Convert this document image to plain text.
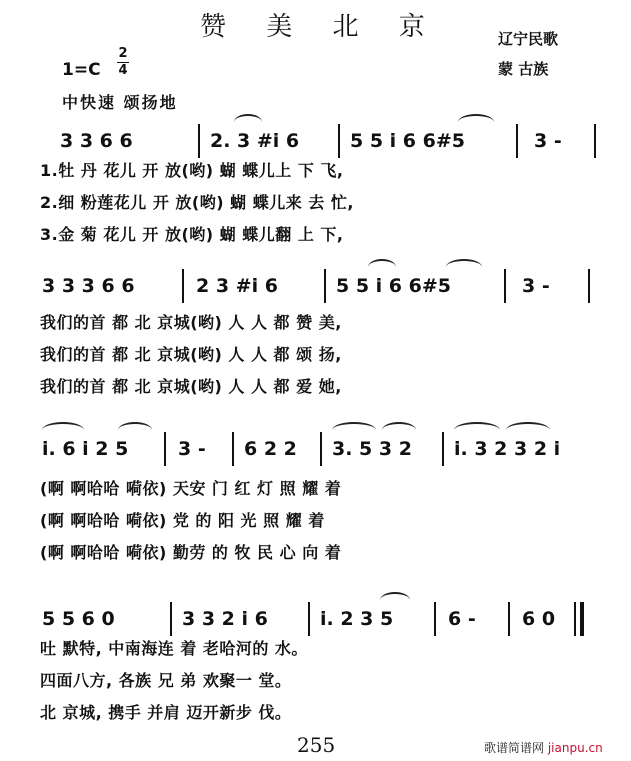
赞 美 北 京	辽宁民歌
蒙 古族
1=C
2
4
中快速 颂扬地
3 3 6 6	2. 3 #i 6	5 5 i 6 6#5	3 -
1.牡 丹 花儿 开 放(哟) 蝴 蝶儿上 下 飞,
2.细 粉莲花儿 开 放(哟) 蝴 蝶儿来 去 忙,
3.金 菊 花儿 开 放(哟) 蝴 蝶儿翻 上 下,
3 3 3 6 6	2 3 #i 6	5 5 i 6 6#5	3 -
我们的首 都 北 京城(哟) 人 人 都 赞 美,
我们的首 都 北 京城(哟) 人 人 都 颂 扬,
我们的首 都 北 京城(哟) 人 人 都 爱 她,
i. 6 i 2 5	3 - 6 2 2 3. 5 3 2 i. 3 2 3 2 i
(啊 啊哈哈 嗬依) 天安 门 红 灯 照 耀 着
(啊 啊哈哈 嗬依) 党 的 阳 光 照 耀 着
(啊 啊哈哈 嗬依) 勤劳 的 牧 民 心 向 着
5 5 6 0	3 3 2 i 6	i. 2 3 5	6 - 6 0
吐 默特, 中南海连 着 老哈河的 水。
四面八方, 各族 兄 弟 欢聚一 堂。
北 京城, 携手 并肩 迈开新步 伐。
255	歌谱简谱网 jianpu.cn
